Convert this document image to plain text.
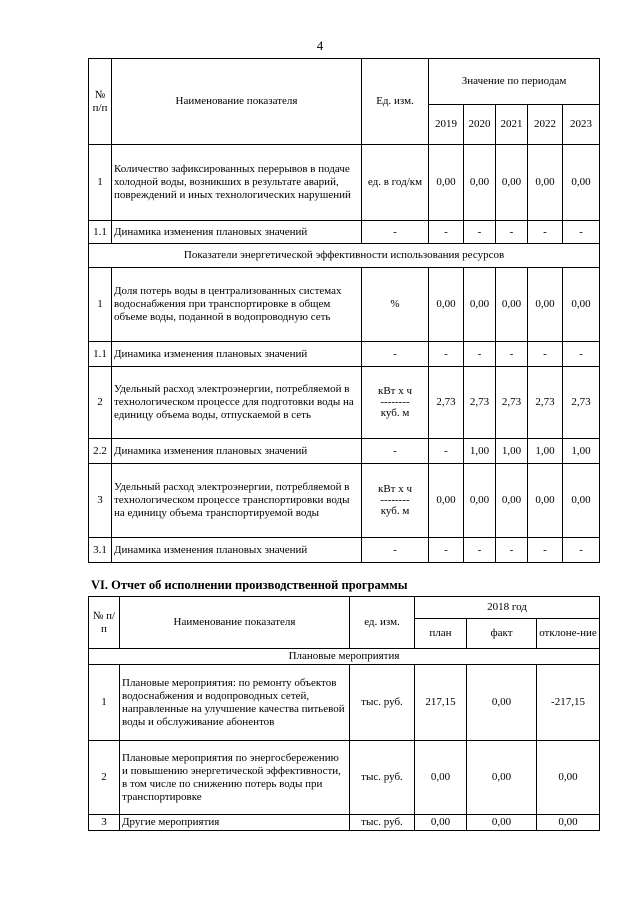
4
№ п/п	Наименование показателя	Ед. изм.	Значение по периодам				
			2019	2020	2021	2022	2023
1	Количество зафиксированных перерывов в подаче холодной воды, возникших в результате аварий, повреждений и иных технологических нарушений	ед. в год/км	0,00	0,00	0,00	0,00	0,00
1.1	Динамика изменения плановых значений	-	-	-	-	-	-
Показатели энергетической эффективности использования ресурсов							
1	Доля потерь воды в централизованных системах водоснабжения при транспортировке в общем объеме воды, поданной в водопроводную сеть	%	0,00	0,00	0,00	0,00	0,00
1.1	Динамика изменения плановых значений	-	-	-	-	-	-
2	Удельный расход электроэнергии, потребляемой в технологическом процессе для подготовки воды на единицу объема воды, отпускаемой в сеть	кВт х ч
--------
куб. м	2,73	2,73	2,73	2,73	2,73
2.2	Динамика изменения плановых значений	-	-	1,00	1,00	1,00	1,00
3	Удельный расход электроэнергии, потребляемой в технологическом процессе транспортировки воды на единицу объема транспортируемой воды	кВт х ч
--------
куб. м	0,00	0,00	0,00	0,00	0,00
3.1	Динамика изменения плановых значений	-	-	-	-	-	-
VI. Отчет об исполнении производственной программы
№ п/п	Наименование показателя	ед. изм.	2018 год		
			план	факт	отклоне-ние
Плановые мероприятия					
1	Плановые мероприятия: по ремонту объектов водоснабжения и водопроводных сетей, направленные на улучшение качества питьевой воды и обслуживание абонентов	тыс. руб.	217,15	0,00	-217,15
2	Плановые мероприятия по энергосбережению и повышению энергетической эффективности, в том числе по снижению потерь воды при транспортировке	тыс. руб.	0,00	0,00	0,00
3	Другие мероприятия	тыс. руб.	0,00	0,00	0,00
